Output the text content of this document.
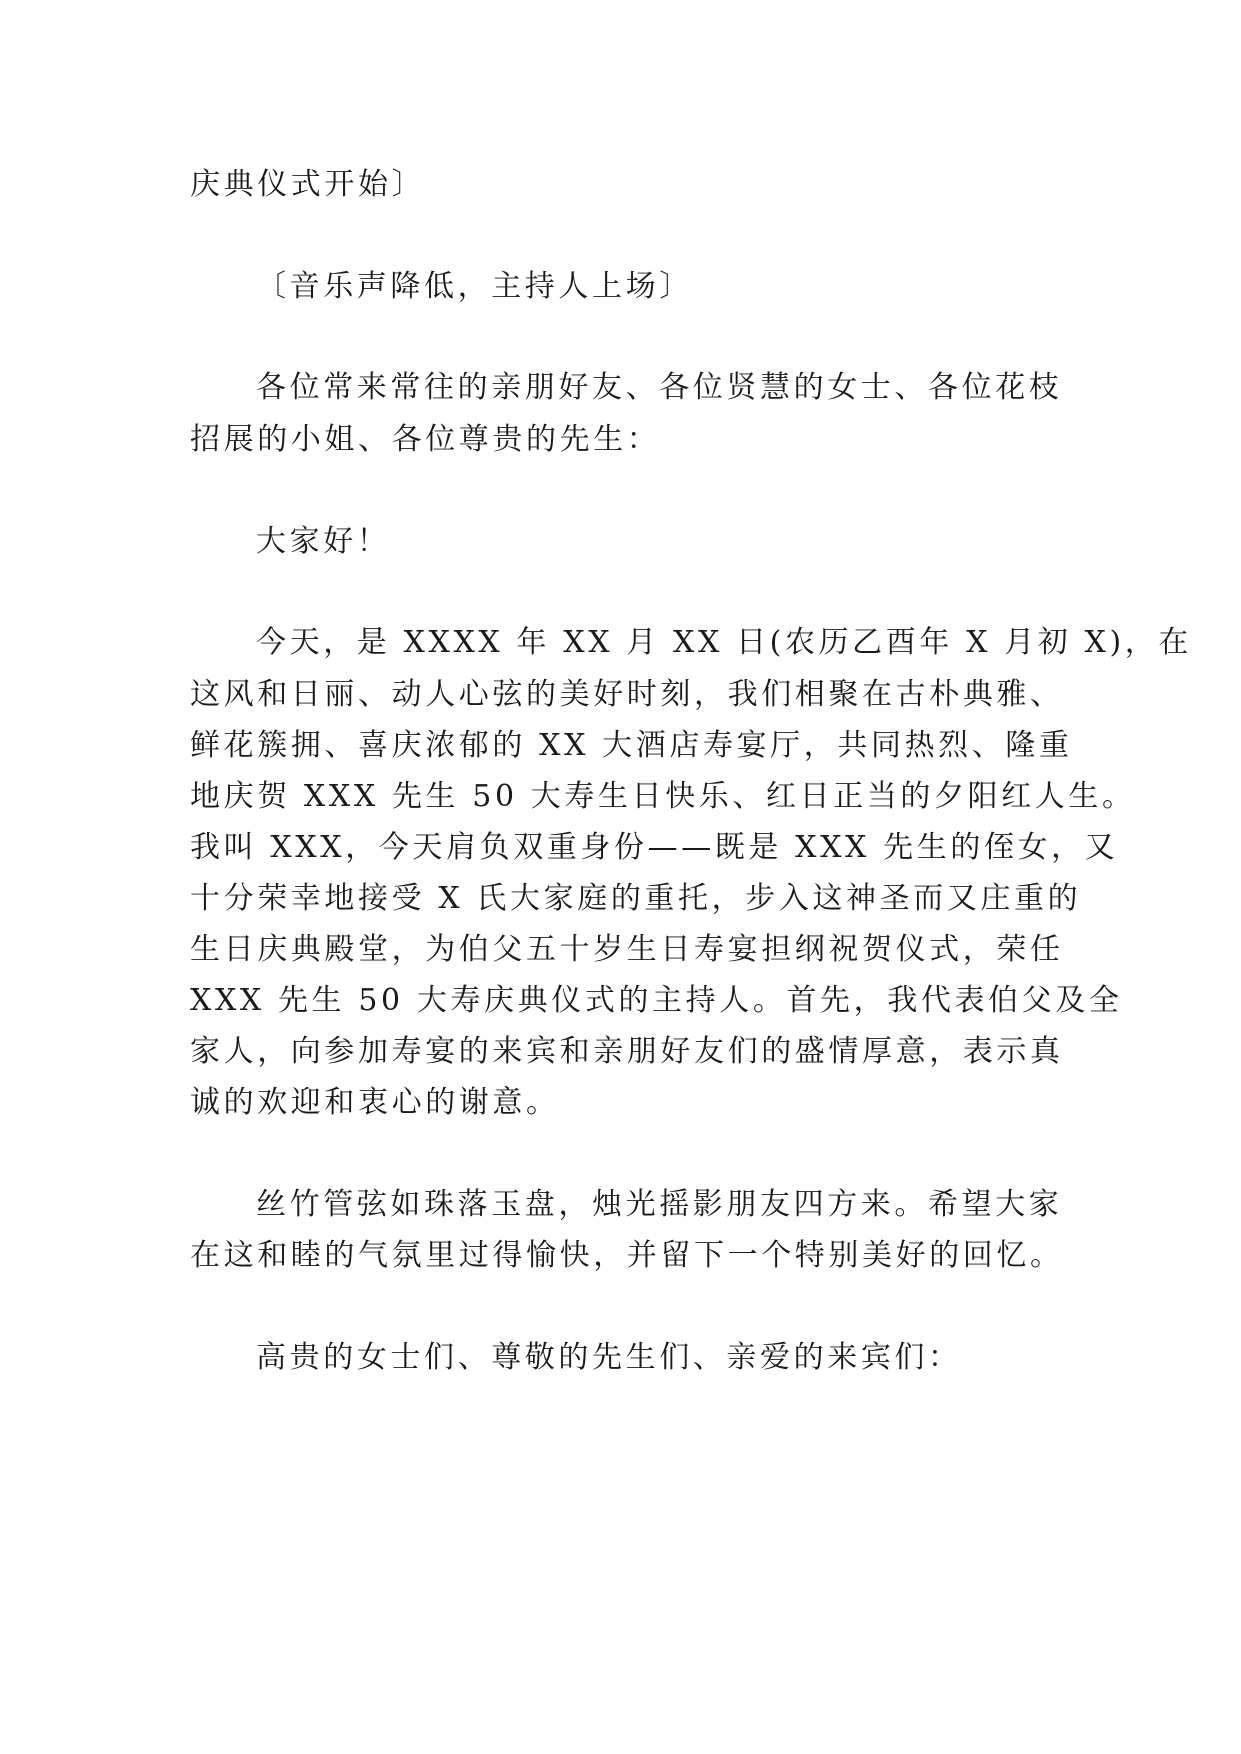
庆典仪式开始〕
〔音乐声降低，主持人上场〕
各位常来常往的亲朋好友、各位贤慧的女士、各位花枝
招展的小姐、各位尊贵的先生：
大家好！
今天，是 XXXX 年 XX 月 XX 日(农历乙酉年 X 月初 X)，在
这风和日丽、动人心弦的美好时刻，我们相聚在古朴典雅、
鲜花簇拥、喜庆浓郁的 XX 大酒店寿宴厅，共同热烈、隆重
地庆贺 XXX 先生 50 大寿生日快乐、红日正当的夕阳红人生。
我叫 XXX，今天肩负双重身份——既是 XXX 先生的侄女，又
十分荣幸地接受 X 氏大家庭的重托，步入这神圣而又庄重的
生日庆典殿堂，为伯父五十岁生日寿宴担纲祝贺仪式，荣任
XXX 先生 50 大寿庆典仪式的主持人。首先，我代表伯父及全
家人，向参加寿宴的来宾和亲朋好友们的盛情厚意，表示真
诚的欢迎和衷心的谢意。
丝竹管弦如珠落玉盘，烛光摇影朋友四方来。希望大家
在这和睦的气氛里过得愉快，并留下一个特别美好的回忆。
高贵的女士们、尊敬的先生们、亲爱的来宾们：
